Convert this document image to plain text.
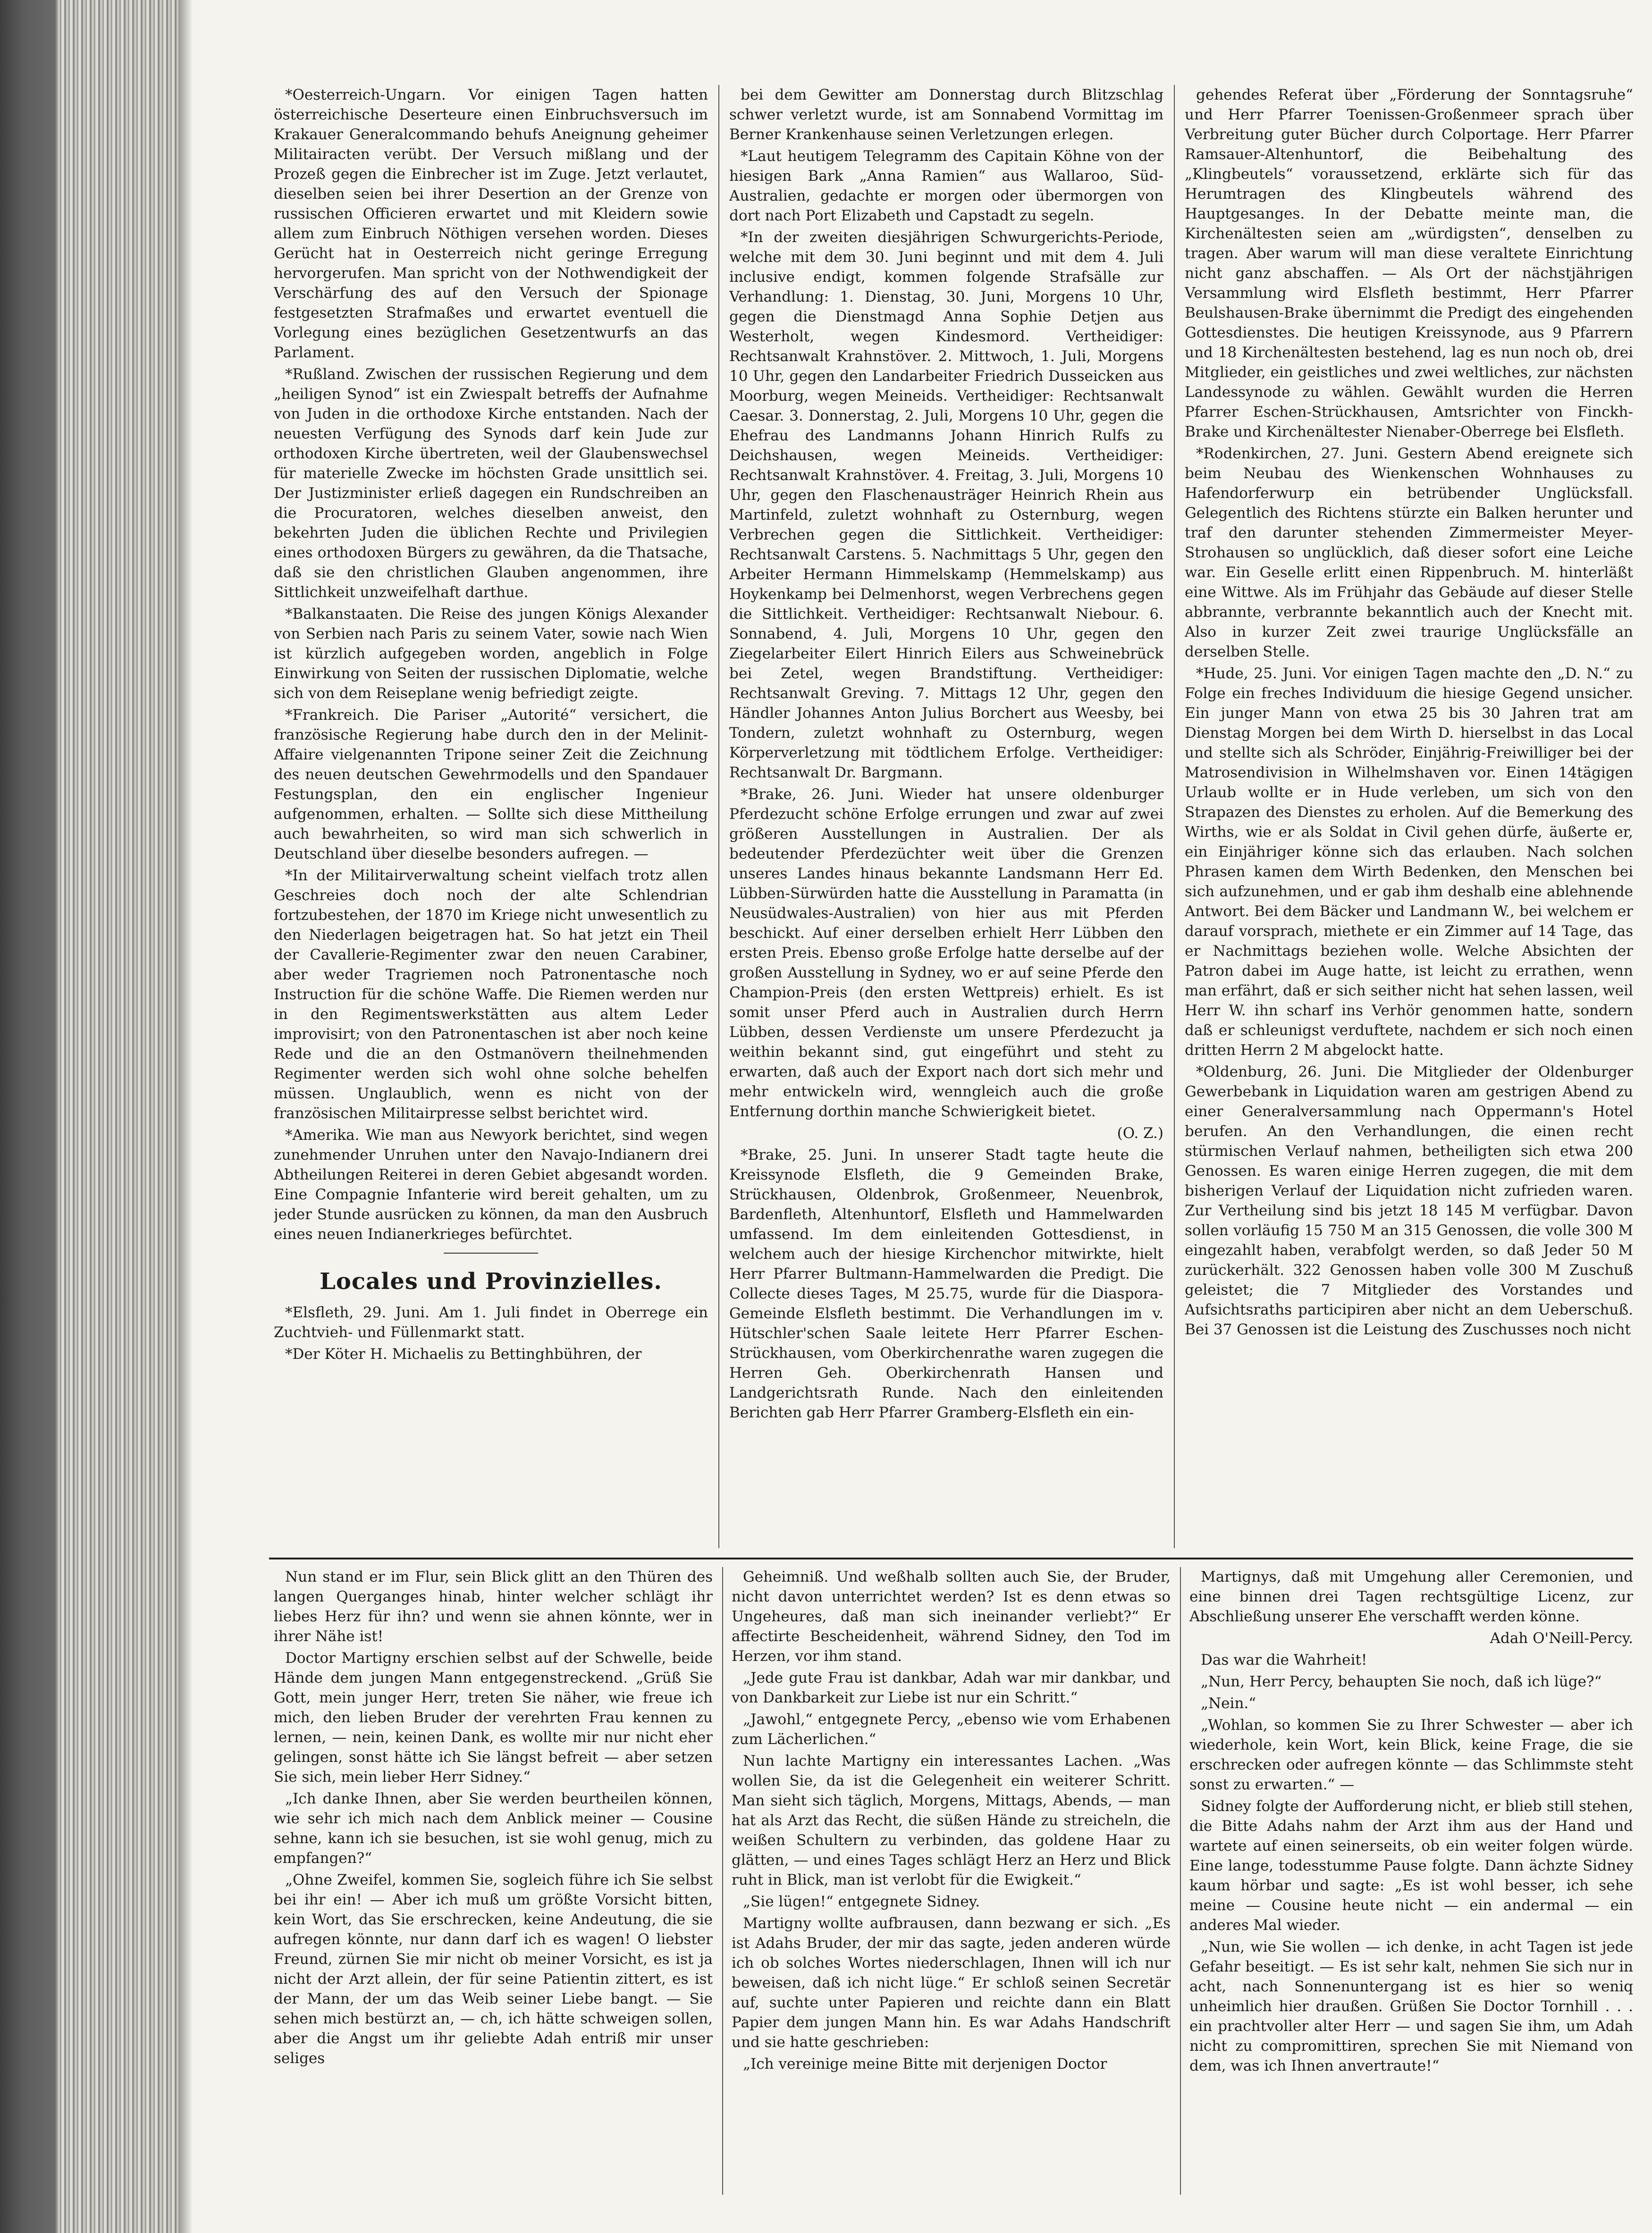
*Oesterreich-Ungarn. Vor einigen Tagen hatten österreichische Deserteure einen Einbruchsversuch im Krakauer Generalcommando behufs Aneignung geheimer Militairacten verübt. Der Versuch mißlang und der Prozeß gegen die Einbrecher ist im Zuge. Jetzt verlautet, dieselben seien bei ihrer Desertion an der Grenze von russischen Officieren erwartet und mit Kleidern sowie allem zum Einbruch Nöthigen versehen worden. Dieses Gerücht hat in Oesterreich nicht geringe Erregung hervorgerufen. Man spricht von der Nothwendigkeit der Verschärfung des auf den Versuch der Spionage festgesetzten Strafmaßes und erwartet eventuell die Vorlegung eines bezüglichen Gesetzentwurfs an das Parlament.

*Rußland. Zwischen der russischen Regierung und dem „heiligen Synod“ ist ein Zwiespalt betreffs der Aufnahme von Juden in die orthodoxe Kirche entstanden. Nach der neuesten Verfügung des Synods darf kein Jude zur orthodoxen Kirche übertreten, weil der Glaubenswechsel für materielle Zwecke im höchsten Grade unsittlich sei. Der Justizminister erließ dagegen ein Rundschreiben an die Procuratoren, welches dieselben anweist, den bekehrten Juden die üblichen Rechte und Privilegien eines orthodoxen Bürgers zu gewähren, da die Thatsache, daß sie den christlichen Glauben angenommen, ihre Sittlichkeit unzweifelhaft darthue.

*Balkanstaaten. Die Reise des jungen Königs Alexander von Serbien nach Paris zu seinem Vater, sowie nach Wien ist kürzlich aufgegeben worden, angeblich in Folge Einwirkung von Seiten der russischen Diplomatie, welche sich von dem Reiseplane wenig befriedigt zeigte.

*Frankreich. Die Pariser „Autorité“ versichert, die französische Regierung habe durch den in der Melinit-Affaire vielgenannten Tripone seiner Zeit die Zeichnung des neuen deutschen Gewehrmodells und den Spandauer Festungsplan, den ein englischer Ingenieur aufgenommen, erhalten. — Sollte sich diese Mittheilung auch bewahrheiten, so wird man sich schwerlich in Deutschland über dieselbe besonders aufregen. —

*In der Militairverwaltung scheint vielfach trotz allen Geschreies doch noch der alte Schlendrian fortzubestehen, der 1870 im Kriege nicht unwesentlich zu den Niederlagen beigetragen hat. So hat jetzt ein Theil der Cavallerie-Regimenter zwar den neuen Carabiner, aber weder Tragriemen noch Patronentasche noch Instruction für die schöne Waffe. Die Riemen werden nur in den Regimentswerkstätten aus altem Leder improvisirt; von den Patronentaschen ist aber noch keine Rede und die an den Ostmanövern theilnehmenden Regimenter werden sich wohl ohne solche behelfen müssen. Unglaublich, wenn es nicht von der französischen Militairpresse selbst berichtet wird.

*Amerika. Wie man aus Newyork berichtet, sind wegen zunehmender Unruhen unter den Navajo-Indianern drei Abtheilungen Reiterei in deren Gebiet abgesandt worden. Eine Compagnie Infanterie wird bereit gehalten, um zu jeder Stunde ausrücken zu können, da man den Ausbruch eines neuen Indianerkrieges befürchtet.

Locales und Provinzielles.

*Elsfleth, 29. Juni. Am 1. Juli findet in Oberrege ein Zuchtvieh- und Füllenmarkt statt.

*Der Köter H. Michaelis zu Bettinghbühren, der

bei dem Gewitter am Donnerstag durch Blitzschlag schwer verletzt wurde, ist am Sonnabend Vormittag im Berner Krankenhause seinen Verletzungen erlegen.

*Laut heutigem Telegramm des Capitain Köhne von der hiesigen Bark „Anna Ramien“ aus Wallaroo, Süd-Australien, gedachte er morgen oder übermorgen von dort nach Port Elizabeth und Capstadt zu segeln.

*In der zweiten diesjährigen Schwurgerichts-Periode, welche mit dem 30. Juni beginnt und mit dem 4. Juli inclusive endigt, kommen folgende Strafsälle zur Verhandlung: 1. Dienstag, 30. Juni, Morgens 10 Uhr, gegen die Dienstmagd Anna Sophie Detjen aus Westerholt, wegen Kindesmord. Vertheidiger: Rechtsanwalt Krahnstöver. 2. Mittwoch, 1. Juli, Morgens 10 Uhr, gegen den Landarbeiter Friedrich Dusseicken aus Moorburg, wegen Meineids. Vertheidiger: Rechtsanwalt Caesar. 3. Donnerstag, 2. Juli, Morgens 10 Uhr, gegen die Ehefrau des Landmanns Johann Hinrich Rulfs zu Deichshausen, wegen Meineids. Vertheidiger: Rechtsanwalt Krahnstöver. 4. Freitag, 3. Juli, Morgens 10 Uhr, gegen den Flaschenausträger Heinrich Rhein aus Martinfeld, zuletzt wohnhaft zu Osternburg, wegen Verbrechen gegen die Sittlichkeit. Vertheidiger: Rechtsanwalt Carstens. 5. Nachmittags 5 Uhr, gegen den Arbeiter Hermann Himmelskamp (Hemmelskamp) aus Hoykenkamp bei Delmenhorst, wegen Verbrechens gegen die Sittlichkeit. Vertheidiger: Rechtsanwalt Niebour. 6. Sonnabend, 4. Juli, Morgens 10 Uhr, gegen den Ziegelarbeiter Eilert Hinrich Eilers aus Schweinebrück bei Zetel, wegen Brandstiftung. Vertheidiger: Rechtsanwalt Greving. 7. Mittags 12 Uhr, gegen den Händler Johannes Anton Julius Borchert aus Weesby, bei Tondern, zuletzt wohnhaft zu Osternburg, wegen Körperverletzung mit tödtlichem Erfolge. Vertheidiger: Rechtsanwalt Dr. Bargmann.

*Brake, 26. Juni. Wieder hat unsere oldenburger Pferdezucht schöne Erfolge errungen und zwar auf zwei größeren Ausstellungen in Australien. Der als bedeutender Pferdezüchter weit über die Grenzen unseres Landes hinaus bekannte Landsmann Herr Ed. Lübben-Sürwürden hatte die Ausstellung in Paramatta (in Neusüdwales-Australien) von hier aus mit Pferden beschickt. Auf einer derselben erhielt Herr Lübben den ersten Preis. Ebenso große Erfolge hatte derselbe auf der großen Ausstellung in Sydney, wo er auf seine Pferde den Champion-Preis (den ersten Wettpreis) erhielt. Es ist somit unser Pferd auch in Australien durch Herrn Lübben, dessen Verdienste um unsere Pferdezucht ja weithin bekannt sind, gut eingeführt und steht zu erwarten, daß auch der Export nach dort sich mehr und mehr entwickeln wird, wenngleich auch die große Entfernung dorthin manche Schwierigkeit bietet.

(O. Z.)

*Brake, 25. Juni. In unserer Stadt tagte heute die Kreissynode Elsfleth, die 9 Gemeinden Brake, Strückhausen, Oldenbrok, Großenmeer, Neuenbrok, Bardenfleth, Altenhuntorf, Elsfleth und Hammelwarden umfassend. Im dem einleitenden Gottesdienst, in welchem auch der hiesige Kirchenchor mitwirkte, hielt Herr Pfarrer Bultmann-Hammelwarden die Predigt. Die Collecte dieses Tages, M 25.75, wurde für die Diaspora-Gemeinde Elsfleth bestimmt. Die Verhandlungen im v. Hütschler'schen Saale leitete Herr Pfarrer Eschen-Strückhausen, vom Oberkirchenrathe waren zugegen die Herren Geh. Oberkirchenrath Hansen und Landgerichtsrath Runde. Nach den einleitenden Berichten gab Herr Pfarrer Gramberg-Elsfleth ein ein-

gehendes Referat über „Förderung der Sonntagsruhe“ und Herr Pfarrer Toenissen-Großenmeer sprach über Verbreitung guter Bücher durch Colportage. Herr Pfarrer Ramsauer-Altenhuntorf, die Beibehaltung des „Klingbeutels“ voraussetzend, erklärte sich für das Herumtragen des Klingbeutels während des Hauptgesanges. In der Debatte meinte man, die Kirchenältesten seien am „würdigsten“, denselben zu tragen. Aber warum will man diese veraltete Einrichtung nicht ganz abschaffen. — Als Ort der nächstjährigen Versammlung wird Elsfleth bestimmt, Herr Pfarrer Beulshausen-Brake übernimmt die Predigt des eingehenden Gottesdienstes. Die heutigen Kreissynode, aus 9 Pfarrern und 18 Kirchenältesten bestehend, lag es nun noch ob, drei Mitglieder, ein geistliches und zwei weltliches, zur nächsten Landessynode zu wählen. Gewählt wurden die Herren Pfarrer Eschen-Strückhausen, Amtsrichter von Finckh-Brake und Kirchenältester Nienaber-Oberrege bei Elsfleth.

*Rodenkirchen, 27. Juni. Gestern Abend ereignete sich beim Neubau des Wienkenschen Wohnhauses zu Hafendorferwurp ein betrübender Unglücksfall. Gelegentlich des Richtens stürzte ein Balken herunter und traf den darunter stehenden Zimmermeister Meyer-Strohausen so unglücklich, daß dieser sofort eine Leiche war. Ein Geselle erlitt einen Rippenbruch. M. hinterläßt eine Wittwe. Als im Frühjahr das Gebäude auf dieser Stelle abbrannte, verbrannte bekanntlich auch der Knecht mit. Also in kurzer Zeit zwei traurige Unglücksfälle an derselben Stelle.

*Hude, 25. Juni. Vor einigen Tagen machte den „D. N.“ zu Folge ein freches Individuum die hiesige Gegend unsicher. Ein junger Mann von etwa 25 bis 30 Jahren trat am Dienstag Morgen bei dem Wirth D. hierselbst in das Local und stellte sich als Schröder, Einjährig-Freiwilliger bei der Matrosendivision in Wilhelmshaven vor. Einen 14tägigen Urlaub wollte er in Hude verleben, um sich von den Strapazen des Dienstes zu erholen. Auf die Bemerkung des Wirths, wie er als Soldat in Civil gehen dürfe, äußerte er, ein Einjähriger könne sich das erlauben. Nach solchen Phrasen kamen dem Wirth Bedenken, den Menschen bei sich aufzunehmen, und er gab ihm deshalb eine ablehnende Antwort. Bei dem Bäcker und Landmann W., bei welchem er darauf vorsprach, miethete er ein Zimmer auf 14 Tage, das er Nachmittags beziehen wolle. Welche Absichten der Patron dabei im Auge hatte, ist leicht zu errathen, wenn man erfährt, daß er sich seither nicht hat sehen lassen, weil Herr W. ihn scharf ins Verhör genommen hatte, sondern daß er schleunigst verduftete, nachdem er sich noch einen dritten Herrn 2 M abgelockt hatte.

*Oldenburg, 26. Juni. Die Mitglieder der Oldenburger Gewerbebank in Liquidation waren am gestrigen Abend zu einer Generalversammlung nach Oppermann's Hotel berufen. An den Verhandlungen, die einen recht stürmischen Verlauf nahmen, betheiligten sich etwa 200 Genossen. Es waren einige Herren zugegen, die mit dem bisherigen Verlauf der Liquidation nicht zufrieden waren. Zur Vertheilung sind bis jetzt 18 145 M verfügbar. Davon sollen vorläufig 15 750 M an 315 Genossen, die volle 300 M eingezahlt haben, verabfolgt werden, so daß Jeder 50 M zurückerhält. 322 Genossen haben volle 300 M Zuschuß geleistet; die 7 Mitglieder des Vorstandes und Aufsichtsraths participiren aber nicht an dem Ueberschuß. Bei 37 Genossen ist die Leistung des Zuschusses noch nicht

Nun stand er im Flur, sein Blick glitt an den Thüren des langen Querganges hinab, hinter welcher schlägt ihr liebes Herz für ihn? und wenn sie ahnen könnte, wer in ihrer Nähe ist!

Doctor Martigny erschien selbst auf der Schwelle, beide Hände dem jungen Mann entgegenstreckend. „Grüß Sie Gott, mein junger Herr, treten Sie näher, wie freue ich mich, den lieben Bruder der verehrten Frau kennen zu lernen, — nein, keinen Dank, es wollte mir nur nicht eher gelingen, sonst hätte ich Sie längst befreit — aber setzen Sie sich, mein lieber Herr Sidney.“

„Ich danke Ihnen, aber Sie werden beurtheilen können, wie sehr ich mich nach dem Anblick meiner — Cousine sehne, kann ich sie besuchen, ist sie wohl genug, mich zu empfangen?“

„Ohne Zweifel, kommen Sie, sogleich führe ich Sie selbst bei ihr ein! — Aber ich muß um größte Vorsicht bitten, kein Wort, das Sie erschrecken, keine Andeutung, die sie aufregen könnte, nur dann darf ich es wagen! O liebster Freund, zürnen Sie mir nicht ob meiner Vorsicht, es ist ja nicht der Arzt allein, der für seine Patientin zittert, es ist der Mann, der um das Weib seiner Liebe bangt. — Sie sehen mich bestürzt an, — ch, ich hätte schweigen sollen, aber die Angst um ihr geliebte Adah entriß mir unser seliges

Geheimniß. Und weßhalb sollten auch Sie, der Bruder, nicht davon unterrichtet werden? Ist es denn etwas so Ungeheures, daß man sich ineinander verliebt?“ Er affectirte Bescheidenheit, während Sidney, den Tod im Herzen, vor ihm stand.

„Jede gute Frau ist dankbar, Adah war mir dankbar, und von Dankbarkeit zur Liebe ist nur ein Schritt.“

„Jawohl,“ entgegnete Percy, „ebenso wie vom Erhabenen zum Lächerlichen.“

Nun lachte Martigny ein interessantes Lachen. „Was wollen Sie, da ist die Gelegenheit ein weiterer Schritt. Man sieht sich täglich, Morgens, Mittags, Abends, — man hat als Arzt das Recht, die süßen Hände zu streicheln, die weißen Schultern zu verbinden, das goldene Haar zu glätten, — und eines Tages schlägt Herz an Herz und Blick ruht in Blick, man ist verlobt für die Ewigkeit.“

„Sie lügen!“ entgegnete Sidney.

Martigny wollte aufbrausen, dann bezwang er sich. „Es ist Adahs Bruder, der mir das sagte, jeden anderen würde ich ob solches Wortes niederschlagen, Ihnen will ich nur beweisen, daß ich nicht lüge.“ Er schloß seinen Secretär auf, suchte unter Papieren und reichte dann ein Blatt Papier dem jungen Mann hin. Es war Adahs Handschrift und sie hatte geschrieben:

„Ich vereinige meine Bitte mit derjenigen Doctor

Martignys, daß mit Umgehung aller Ceremonien, und eine binnen drei Tagen rechtsgültige Licenz, zur Abschließung unserer Ehe verschafft werden könne.

Adah O'Neill-Percy.

Das war die Wahrheit!

„Nun, Herr Percy, behaupten Sie noch, daß ich lüge?“

„Nein.“

„Wohlan, so kommen Sie zu Ihrer Schwester — aber ich wiederhole, kein Wort, kein Blick, keine Frage, die sie erschrecken oder aufregen könnte — das Schlimmste steht sonst zu erwarten.“ —

Sidney folgte der Aufforderung nicht, er blieb still stehen, die Bitte Adahs nahm der Arzt ihm aus der Hand und wartete auf einen seinerseits, ob ein weiter folgen würde. Eine lange, todesstumme Pause folgte. Dann ächzte Sidney kaum hörbar und sagte: „Es ist wohl besser, ich sehe meine — Cousine heute nicht — ein andermal — ein anderes Mal wieder.

„Nun, wie Sie wollen — ich denke, in acht Tagen ist jede Gefahr beseitigt. — Es ist sehr kalt, nehmen Sie sich nur in acht, nach Sonnenuntergang ist es hier so weniq unheimlich hier draußen. Grüßen Sie Doctor Tornhill . . . ein prachtvoller alter Herr — und sagen Sie ihm, um Adah nicht zu compromittiren, sprechen Sie mit Niemand von dem, was ich Ihnen anvertraute!“
